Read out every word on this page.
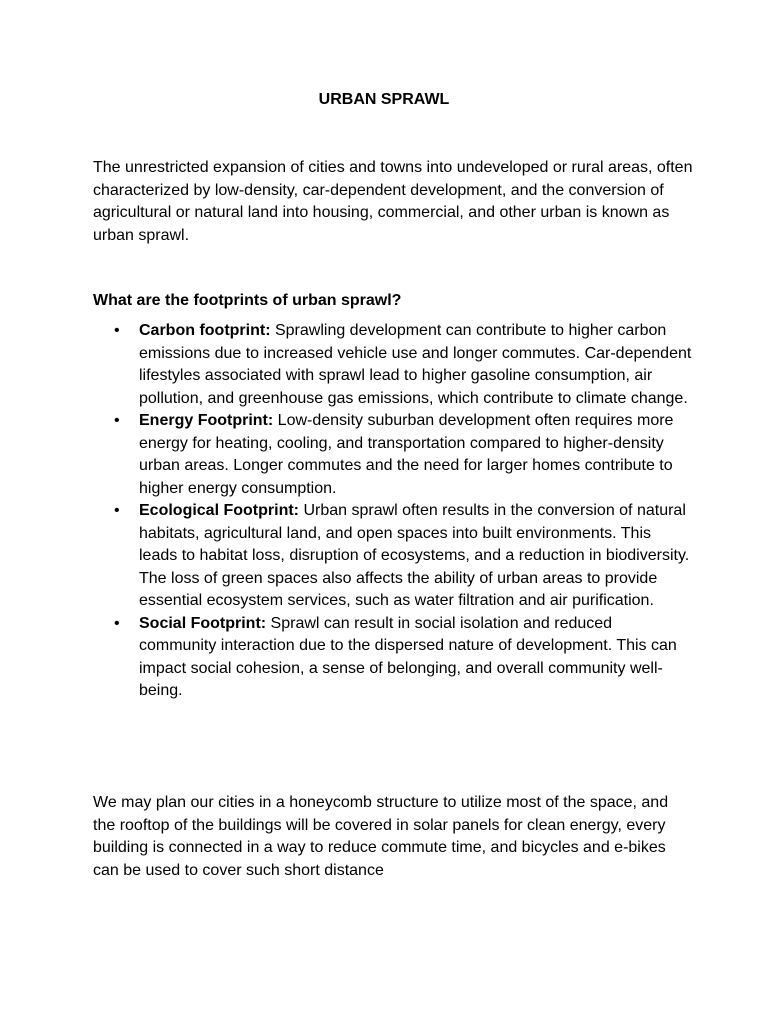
URBAN SPRAWL
The unrestricted expansion of cities and towns into undeveloped or rural areas, often characterized by low-density, car-dependent development, and the conversion of agricultural or natural land into housing, commercial, and other urban is known as urban sprawl.
What are the footprints of urban sprawl?
• Carbon footprint: Sprawling development can contribute to higher carbon emissions due to increased vehicle use and longer commutes. Car-dependent lifestyles associated with sprawl lead to higher gasoline consumption, air pollution, and greenhouse gas emissions, which contribute to climate change.
• Energy Footprint: Low-density suburban development often requires more energy for heating, cooling, and transportation compared to higher-density urban areas. Longer commutes and the need for larger homes contribute to higher energy consumption.
• Ecological Footprint: Urban sprawl often results in the conversion of natural habitats, agricultural land, and open spaces into built environments. This leads to habitat loss, disruption of ecosystems, and a reduction in biodiversity. The loss of green spaces also affects the ability of urban areas to provide essential ecosystem services, such as water filtration and air purification.
• Social Footprint: Sprawl can result in social isolation and reduced community interaction due to the dispersed nature of development. This can impact social cohesion, a sense of belonging, and overall community well-being.
We may plan our cities in a honeycomb structure to utilize most of the space, and the rooftop of the buildings will be covered in solar panels for clean energy, every building is connected in a way to reduce commute time, and bicycles and e-bikes can be used to cover such short distance
